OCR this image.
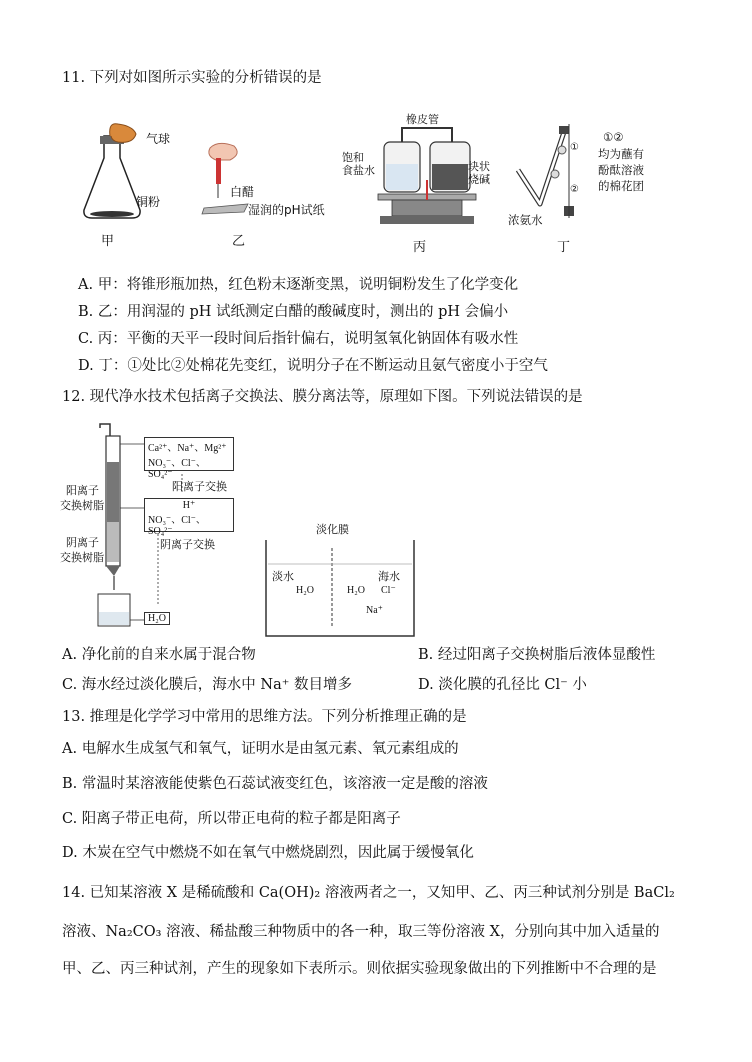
11. 下列对如图所示实验的分析错误的是
气球
铜粉
甲
白醋
湿润的pH试纸
乙
橡皮管
饱和
食盐水	块状
烧碱
丙
①②
均为蘸有
酚酞溶液
的棉花团
①
②
浓氨水
丁
A. 甲：将锥形瓶加热，红色粉末逐渐变黑，说明铜粉发生了化学变化
B. 乙：用润湿的 pH 试纸测定白醋的酸碱度时，测出的 pH 会偏小
C. 丙：平衡的天平一段时间后指针偏右，说明氢氧化钠固体有吸水性
D. 丁：①处比②处棉花先变红，说明分子在不断运动且氨气密度小于空气
12. 现代净水技术包括离子交换法、膜分离法等，原理如下图。下列说法错误的是
Ca²⁺、Na⁺、Mg²⁺
NO₃⁻、Cl⁻、SO₄²⁻
阳离子交换
H⁺
NO₃⁻、Cl⁻、SO₄²⁻
阴离子交换
阳离子
交换树脂
阴离子
交换树脂
H₂O
淡化膜
淡水	海水
H₂O	H₂O Cl⁻
Na⁺
A. 净化前的自来水属于混合物	B. 经过阳离子交换树脂后液体显酸性
C. 海水经过淡化膜后，海水中 Na⁺ 数目增多	D. 淡化膜的孔径比 Cl⁻ 小
13. 推理是化学学习中常用的思维方法。下列分析推理正确的是
A. 电解水生成氢气和氧气，证明水是由氢元素、氧元素组成的
B. 常温时某溶液能使紫色石蕊试液变红色，该溶液一定是酸的溶液
C. 阳离子带正电荷，所以带正电荷的粒子都是阳离子
D. 木炭在空气中燃烧不如在氧气中燃烧剧烈，因此属于缓慢氧化
14. 已知某溶液 X 是稀硫酸和 Ca(OH)₂ 溶液两者之一，又知甲、乙、丙三种试剂分别是 BaCl₂
溶液、Na₂CO₃ 溶液、稀盐酸三种物质中的各一种，取三等份溶液 X，分别向其中加入适量的
甲、乙、丙三种试剂，产生的现象如下表所示。则依据实验现象做出的下列推断中不合理的是
